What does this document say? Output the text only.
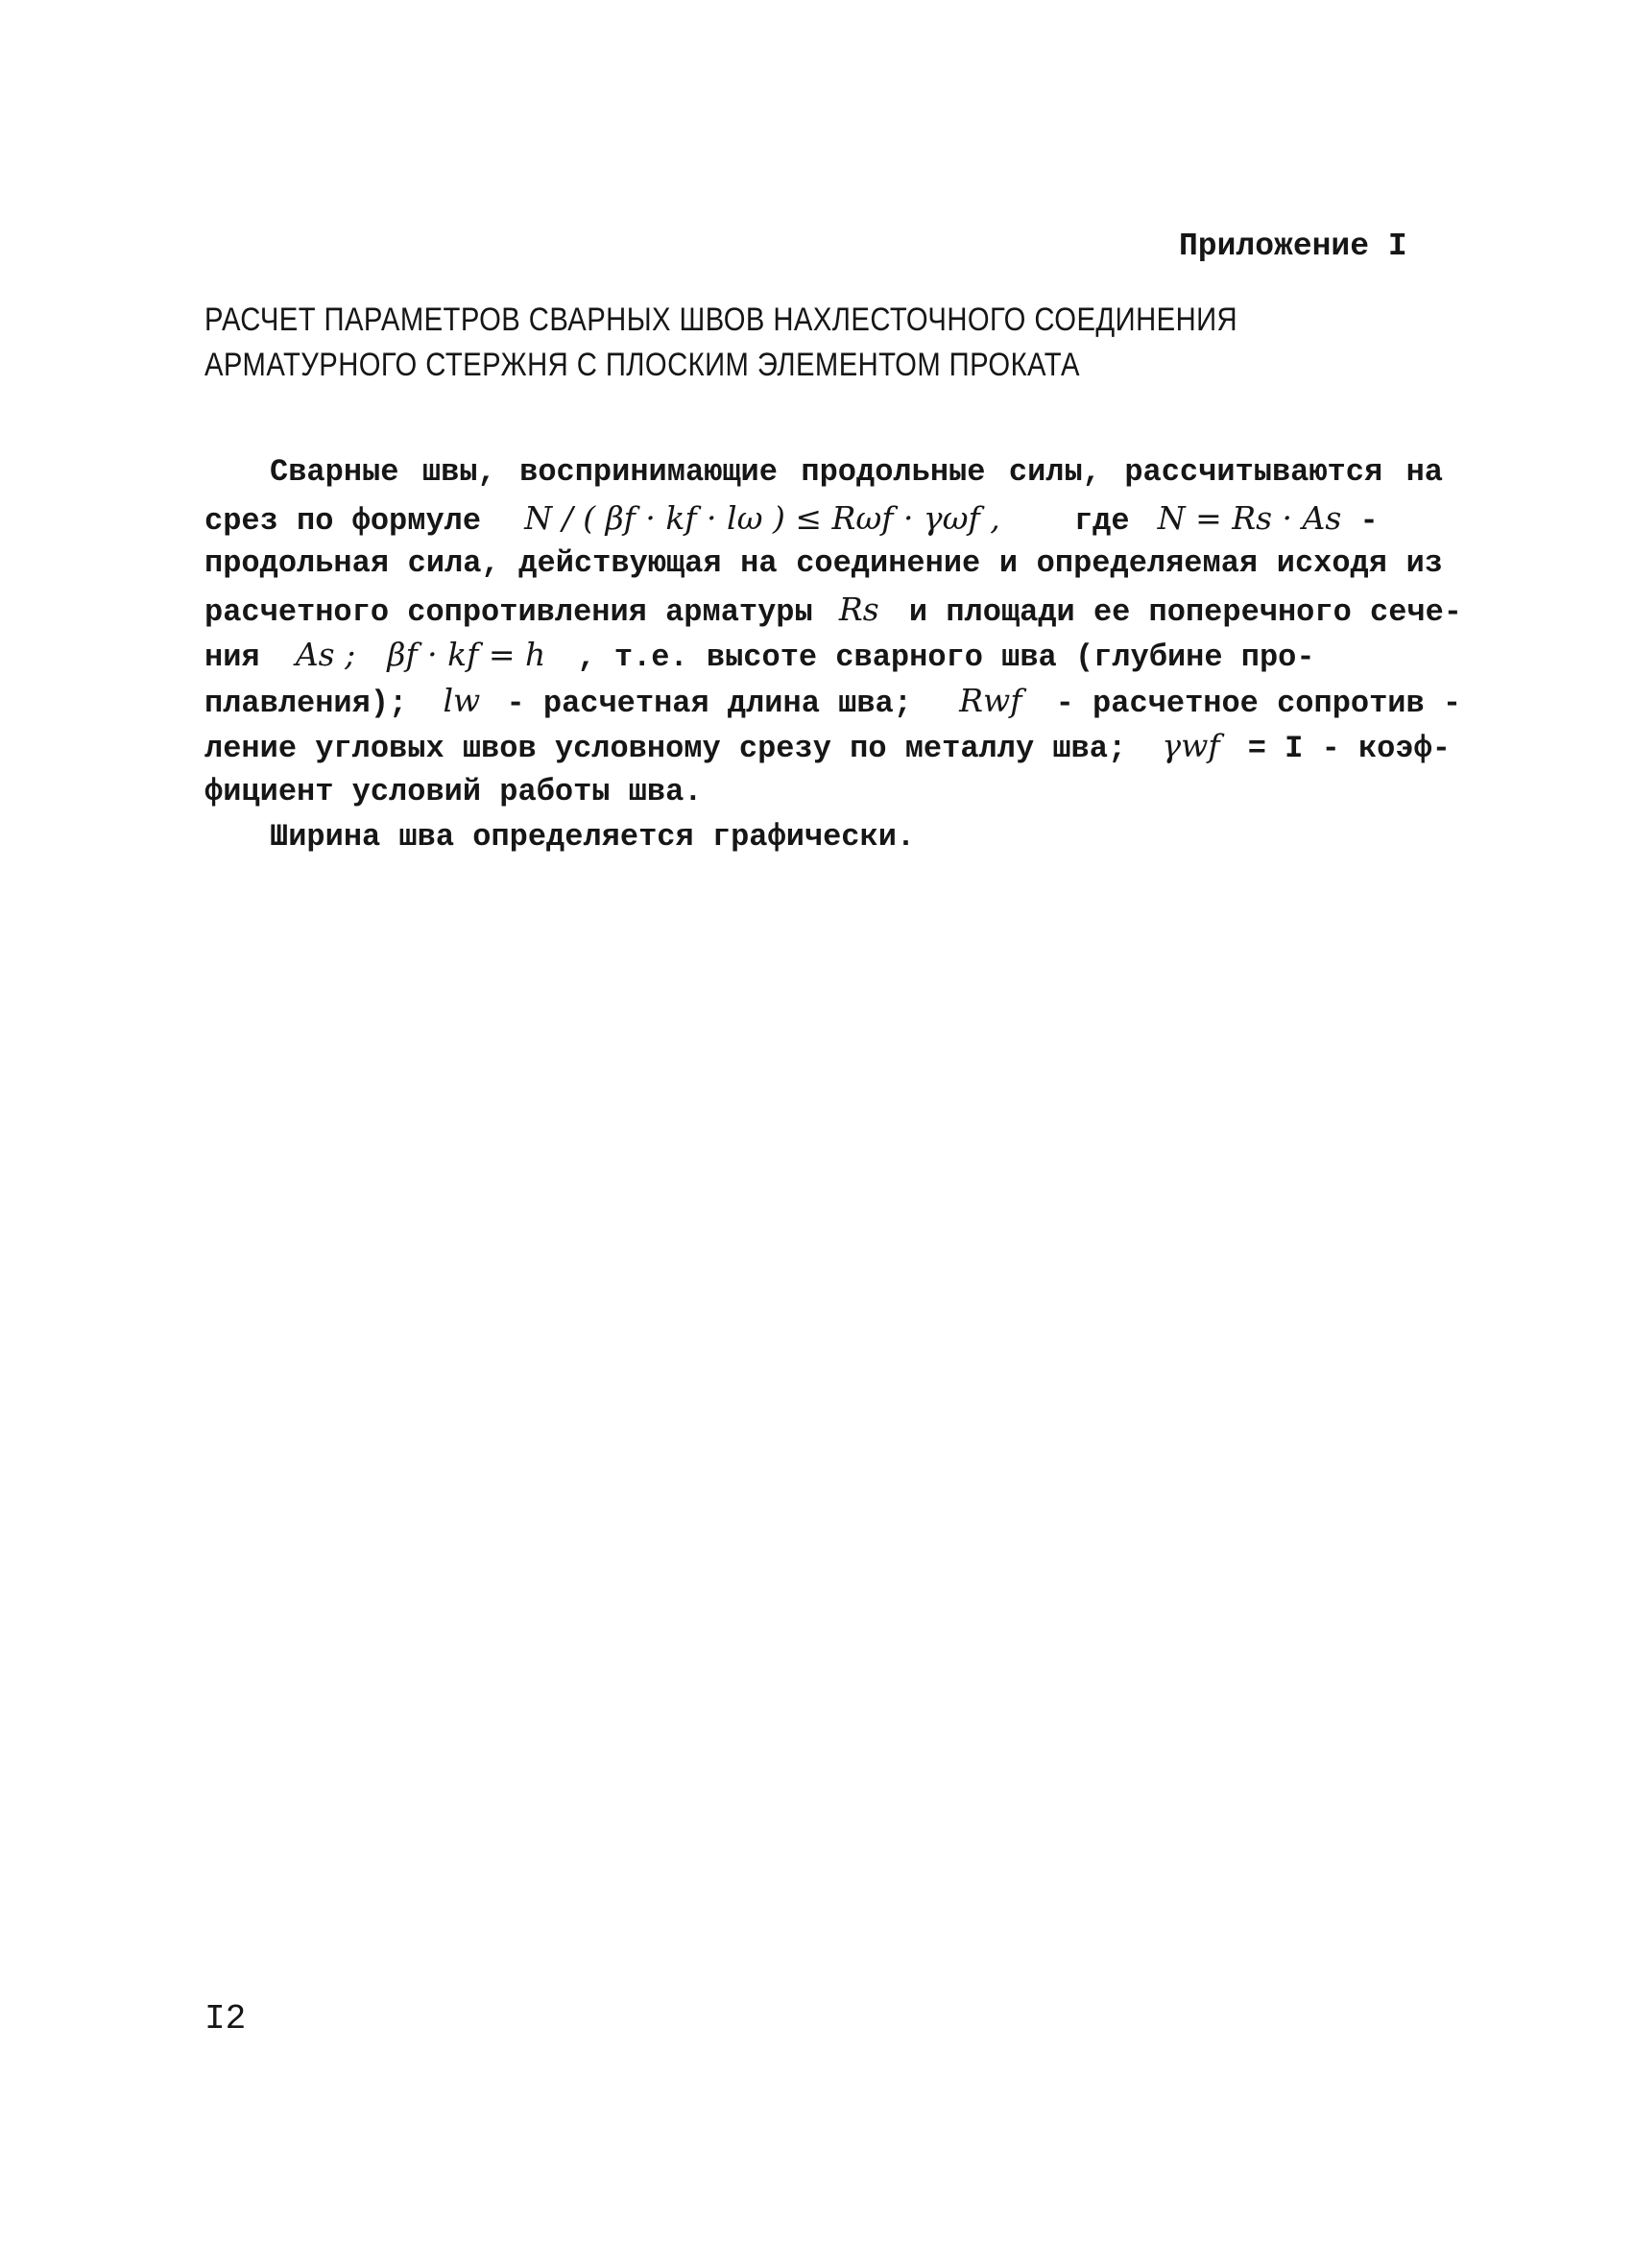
Приложение I
РАСЧЕТ ПАРАМЕТРОВ СВАРНЫХ ШВОВ НАХЛЕСТОЧНОГО СОЕДИНЕНИЯ
АРМАТУРНОГО СТЕРЖНЯ С ПЛОСКИМ ЭЛЕМЕНТОМ ПРОКАТА
Сварные швы, воспринимающие продольные силы, рассчитываются на
срез по формуле N / ( βf · kf · lω ) ≤ Rωf · γωf , где N = Rs · As -
продольная сила, действующая на соединение и определяемая исходя из
расчетного сопротивления арматуры Rs и площади ее поперечного сече-
ния As ; βf · kf = h , т.е. высоте сварного шва (глубине про-
плавления); lw - расчетная длина шва; Rwf - расчетное сопротив -
ление угловых швов условному срезу по металлу шва; γwf = I - коэф-
фициент условий работы шва.
Ширина шва определяется графически.
I2
